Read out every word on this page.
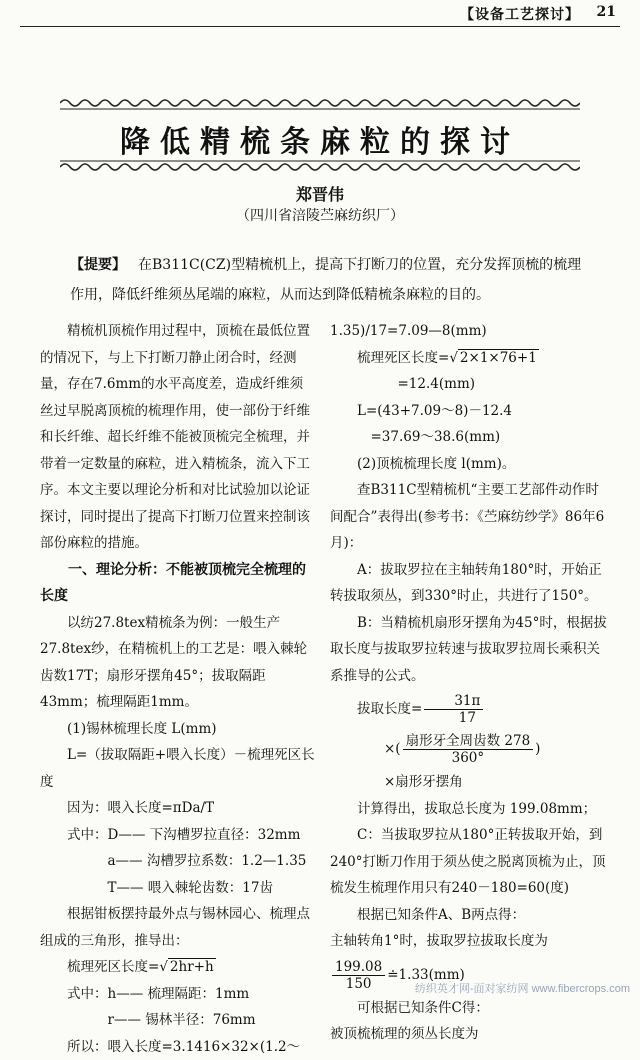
【设备工艺探讨】 21
降低精梳条麻粒的探讨
郑晋伟
（四川省涪陵苎麻纺织厂）
【提要】 在B311C(CZ)型精梳机上，提高下打断刀的位置，充分发挥顶梳的梳理作用，降低纤维须丛尾端的麻粒，从而达到降低精梳条麻粒的目的。

精梳机顶梳作用过程中，顶梳在最低位置的情况下，与上下打断刀静止闭合时，经测量，存在7.6mm的水平高度差，造成纤维须丝过早脱离顶梳的梳理作用，使一部份于纤维和长纤维、超长纤维不能被顶梳完全梳理，并带着一定数量的麻粒，进入精梳条，流入下工序。本文主要以理论分析和对比试验加以论证探讨，同时提出了提高下打断刀位置来控制该部份麻粒的措施。

一、理论分析：不能被顶梳完全梳理的长度

以纺27.8tex精梳条为例：一般生产27.8tex纱，在精梳机上的工艺是：喂入棘轮齿数17T；扇形牙摆角45°；拔取隔距43mm；梳理隔距1mm。

(1)锡林梳理长度 L(mm)

L=（拔取隔距+喂入长度）－梳理死区长度

因为：喂入长度=πDa/T

式中：D—— 下沟槽罗拉直径：32mm

a—— 沟槽罗拉系数：1.2—1.35

T—— 喂入棘轮齿数：17齿

根据钳板摆持最外点与锡林园心、梳理点组成的三角形，推导出：

梳理死区长度=√ 2hr+h

式中：h—— 梳理隔距：1mm

r—— 锡林半径：76mm

所以：喂入长度=3.1416×32×(1.2～

1.35)/17=7.09—8(mm)

梳理死区长度=√ 2×1×76+1

=12.4(mm)

L=(43+7.09～8)－12.4

=37.69～38.6(mm)

(2)顶梳梳理长度 l(mm)。

查B311C型精梳机“主要工艺部件动作时间配合”表得出(参考书：《苎麻纺纱学》86年6月)：

A：拔取罗拉在主轴转角180°时，开始正转拔取须丛，到330°时止，共进行了150°。

B：当精梳机扇形牙摆角为45°时，根据拔取长度与拔取罗拉转速与拔取罗拉周长乘积关系推导的公式。

拔取长度= $\frac{31\pi}{17}$

×( $\frac{\text{扇形牙全周齿数 278}}{360^\circ}$ )

×扇形牙摆角

计算得出，拔取总长度为 199.08mm；

C：当拔取罗拉从180°正转拔取开始，到240°打断刀作用于须丛使之脱离顶梳为止，顶梳发生梳理作用只有240－180=60(度)

根据已知条件A、B两点得：

主轴转角1°时，拔取罗拉拔取长度为

$\frac{199.08}{150}$ ≐1.33(mm)

可根据已知条件C得：

被顶梳梳理的须丛长度为

纺织英才网-面对家纺网 www.fibercrops.com
